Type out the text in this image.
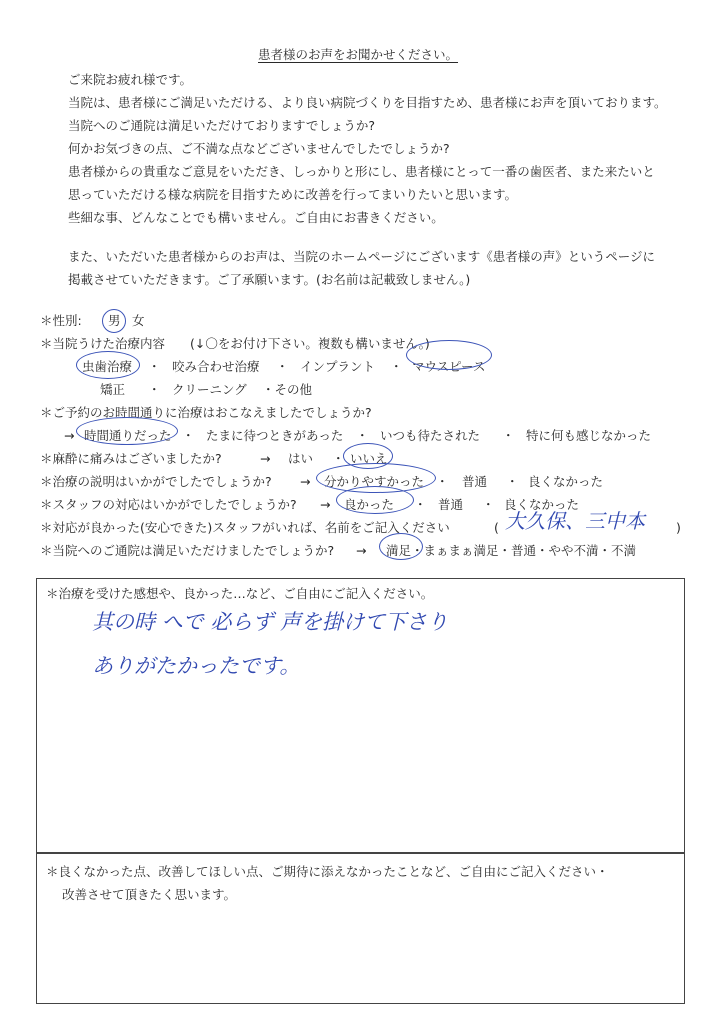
患者様のお声をお聞かせください。
ご来院お疲れ様です。
当院は、患者様にご満足いただける、より良い病院づくりを目指すため、患者様にお声を頂いております。
当院へのご通院は満足いただけておりますでしょうか?
何かお気づきの点、ご不満な点などございませんでしたでしょうか?
患者様からの貴重なご意見をいただき、しっかりと形にし、患者様にとって一番の歯医者、また来たいと
思っていただける様な病院を目指すために改善を行ってまいりたいと思います。
些細な事、どんなことでも構いません。ご自由にお書きください。
また、いただいた患者様からのお声は、当院のホームページにございます《患者様の声》というページに
掲載させていただきます。ご了承願います。(お名前は記載致しません。)
＊性別: 男 女
＊当院うけた治療内容 (↓〇をお付け下さい。複数も構いません。)
虫歯治療 ・ 咬み合わせ治療 ・ インプラント ・ マウスピース
矯正 ・ クリーニング ・その他
＊ご予約のお時間通りに治療はおこなえましたでしょうか?
→ 時間通りだった ・ たまに待つときがあった ・ いつも待たされた ・ 特に何も感じなかった
＊麻酔に痛みはございましたか?	→ はい ・ いいえ
＊治療の説明はいかがでしたでしょうか? → 分かりやすかった ・ 普通 ・ 良くなかった
＊スタッフの対応はいかがでしたでしょうか? → 良かった ・ 普通 ・ 良くなかった
＊対応が良かった(安心できた)スタッフがいれば、名前をご記入ください	( 大久保、三中本 )
＊当院へのご通院は満足いただけましたでしょうか? → 満足・まぁまぁ満足・普通・やや不満・不満
＊治療を受けた感想や、良かった…など、ご自由にご記入ください。
其の時 へで 必らず 声を掛けて下さり
ありがたかったです。
＊良くなかった点、改善してほしい点、ご期待に添えなかったことなど、ご自由にご記入ください・
改善させて頂きたく思います。
